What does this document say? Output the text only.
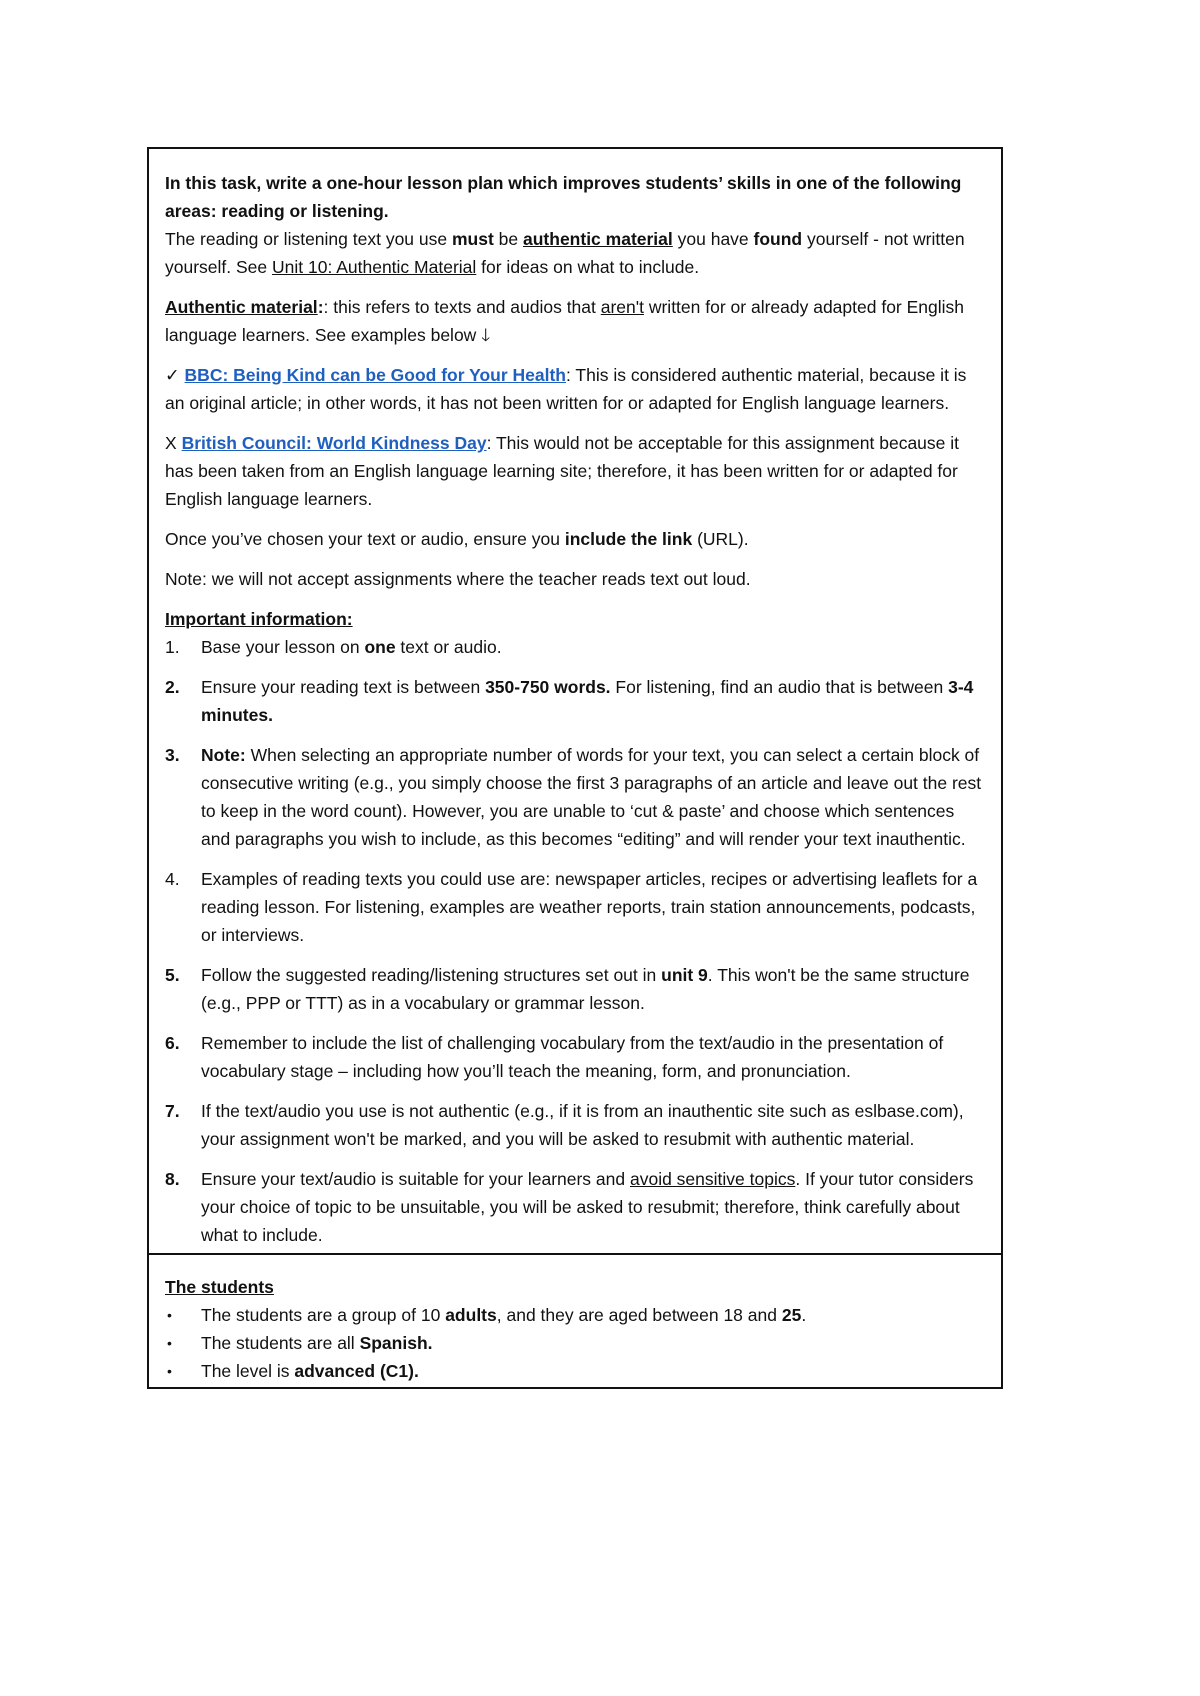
In this task, write a one-hour lesson plan which improves students’ skills in one of the following areas: reading or listening.

The reading or listening text you use must be authentic material you have found yourself - not written yourself. See Unit 10: Authentic Material for ideas on what to include.

Authentic material:: this refers to texts and audios that aren't written for or already adapted for English language learners. See examples below 🡓

✓ BBC: Being Kind can be Good for Your Health: This is considered authentic material, because it is an original article; in other words, it has not been written for or adapted for English language learners.

X British Council: World Kindness Day: This would not be acceptable for this assignment because it has been taken from an English language learning site; therefore, it has been written for or adapted for English language learners.

Once you’ve chosen your text or audio, ensure you include the link (URL).

Note: we will not accept assignments where the teacher reads text out loud.

Important information:

1. Base your lesson on one text or audio.
2. Ensure your reading text is between 350-750 words. For listening, find an audio that is between 3-4 minutes.
3. Note: When selecting an appropriate number of words for your text, you can select a certain block of consecutive writing (e.g., you simply choose the first 3 paragraphs of an article and leave out the rest to keep in the word count). However, you are unable to ‘cut & paste’ and choose which sentences and paragraphs you wish to include, as this becomes “editing” and will render your text inauthentic.
4. Examples of reading texts you could use are: newspaper articles, recipes or advertising leaflets for a reading lesson. For listening, examples are weather reports, train station announcements, podcasts, or interviews.
5. Follow the suggested reading/listening structures set out in unit 9. This won't be the same structure (e.g., PPP or TTT) as in a vocabulary or grammar lesson.
6. Remember to include the list of challenging vocabulary from the text/audio in the presentation of vocabulary stage – including how you’ll teach the meaning, form, and pronunciation.
7. If the text/audio you use is not authentic (e.g., if it is from an inauthentic site such as eslbase.com), your assignment won't be marked, and you will be asked to resubmit with authentic material.
8. Ensure your text/audio is suitable for your learners and avoid sensitive topics. If your tutor considers your choice of topic to be unsuitable, you will be asked to resubmit; therefore, think carefully about what to include.

The students

• The students are a group of 10 adults, and they are aged between 18 and 25.
• The students are all Spanish.
• The level is advanced (C1).
